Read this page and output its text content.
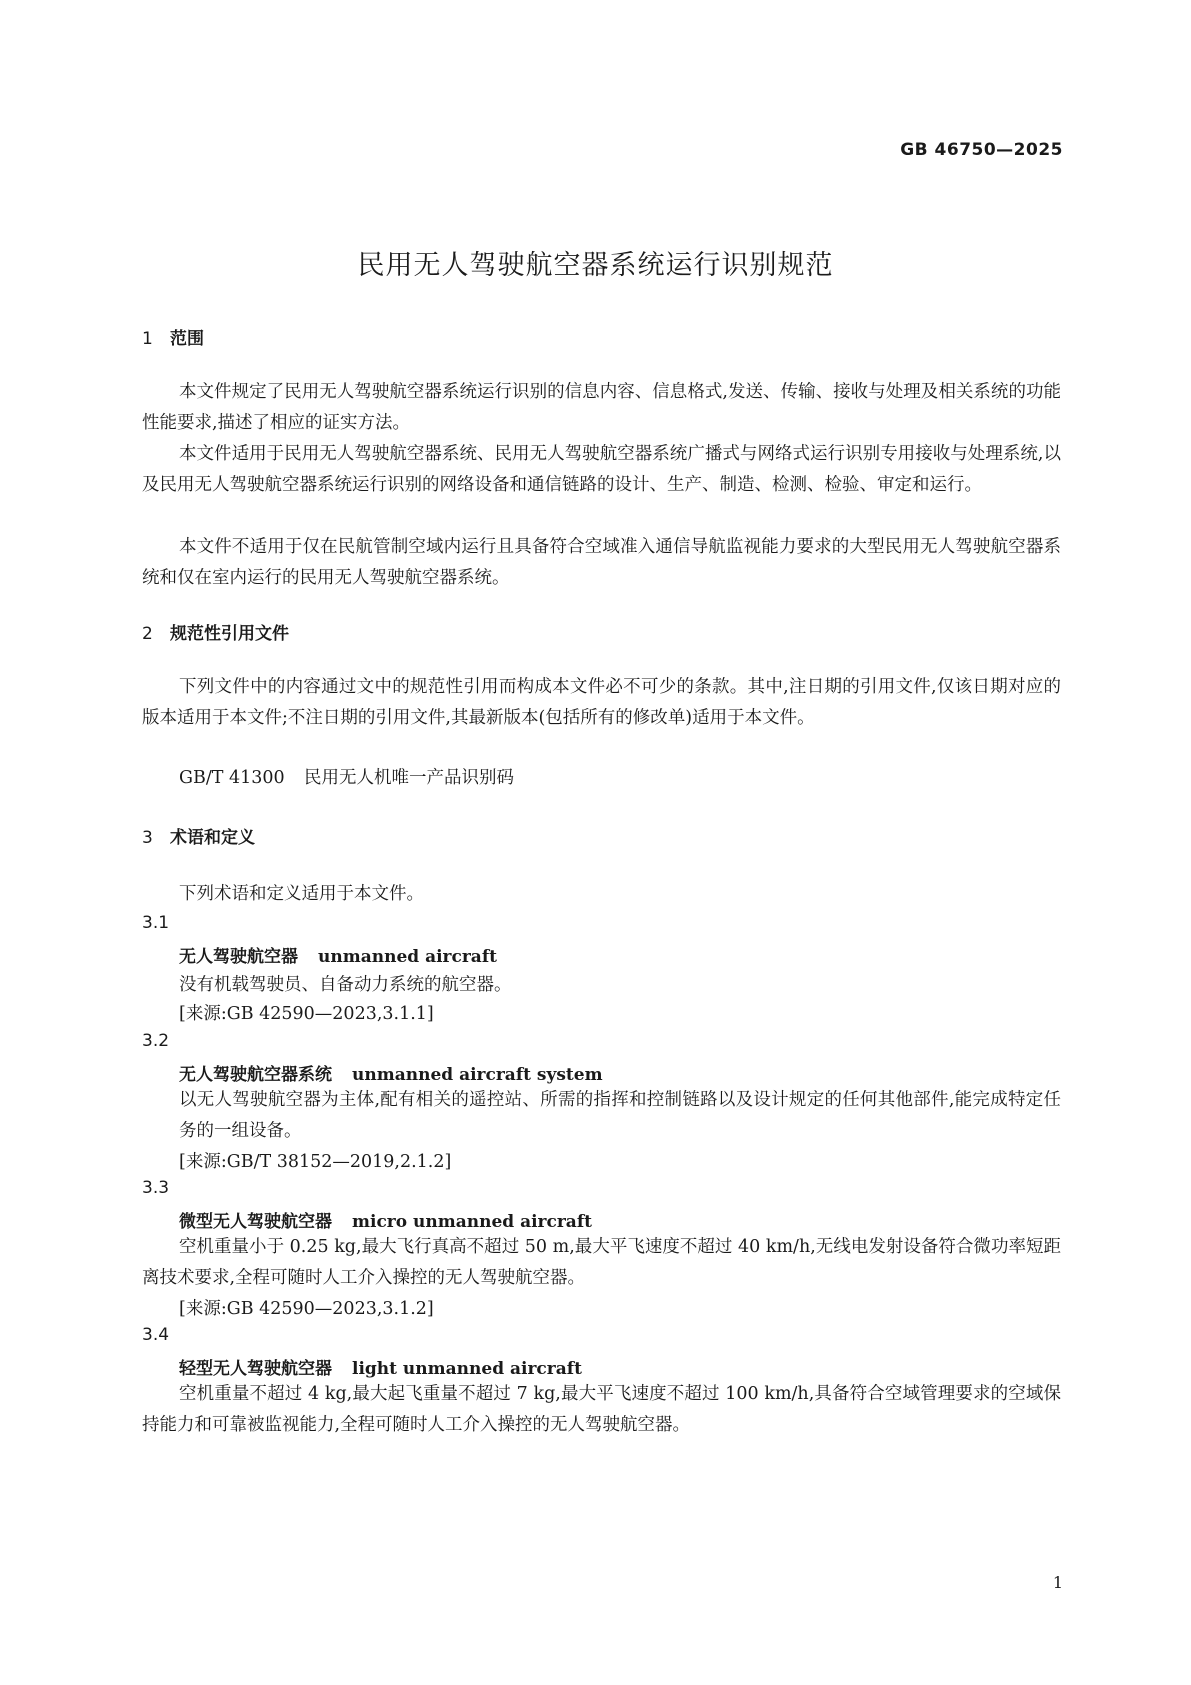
GB 46750—2025
民用无人驾驶航空器系统运行识别规范
1 范围

本文件规定了民用无人驾驶航空器系统运行识别的信息内容、信息格式,发送、传输、接收与处理及相关系统的功能性能要求,描述了相应的证实方法。

本文件适用于民用无人驾驶航空器系统、民用无人驾驶航空器系统广播式与网络式运行识别专用接收与处理系统,以及民用无人驾驶航空器系统运行识别的网络设备和通信链路的设计、生产、制造、检测、检验、审定和运行。

本文件不适用于仅在民航管制空域内运行且具备符合空域准入通信导航监视能力要求的大型民用无人驾驶航空器系统和仅在室内运行的民用无人驾驶航空器系统。

2 规范性引用文件

下列文件中的内容通过文中的规范性引用而构成本文件必不可少的条款。其中,注日期的引用文件,仅该日期对应的版本适用于本文件;不注日期的引用文件,其最新版本(包括所有的修改单)适用于本文件。

GB/T 41300 民用无人机唯一产品识别码
3 术语和定义
下列术语和定义适用于本文件。
3.1
无人驾驶航空器 unmanned aircraft
没有机载驾驶员、自备动力系统的航空器。
[来源:GB 42590—2023,3.1.1]
3.2
无人驾驶航空器系统 unmanned aircraft system

以无人驾驶航空器为主体,配有相关的遥控站、所需的指挥和控制链路以及设计规定的任何其他部件,能完成特定任务的一组设备。

[来源:GB/T 38152—2019,2.1.2]
3.3
微型无人驾驶航空器 micro unmanned aircraft

空机重量小于 0.25 kg,最大飞行真高不超过 50 m,最大平飞速度不超过 40 km/h,无线电发射设备符合微功率短距离技术要求,全程可随时人工介入操控的无人驾驶航空器。

[来源:GB 42590—2023,3.1.2]
3.4
轻型无人驾驶航空器 light unmanned aircraft

空机重量不超过 4 kg,最大起飞重量不超过 7 kg,最大平飞速度不超过 100 km/h,具备符合空域管理要求的空域保持能力和可靠被监视能力,全程可随时人工介入操控的无人驾驶航空器。

1
